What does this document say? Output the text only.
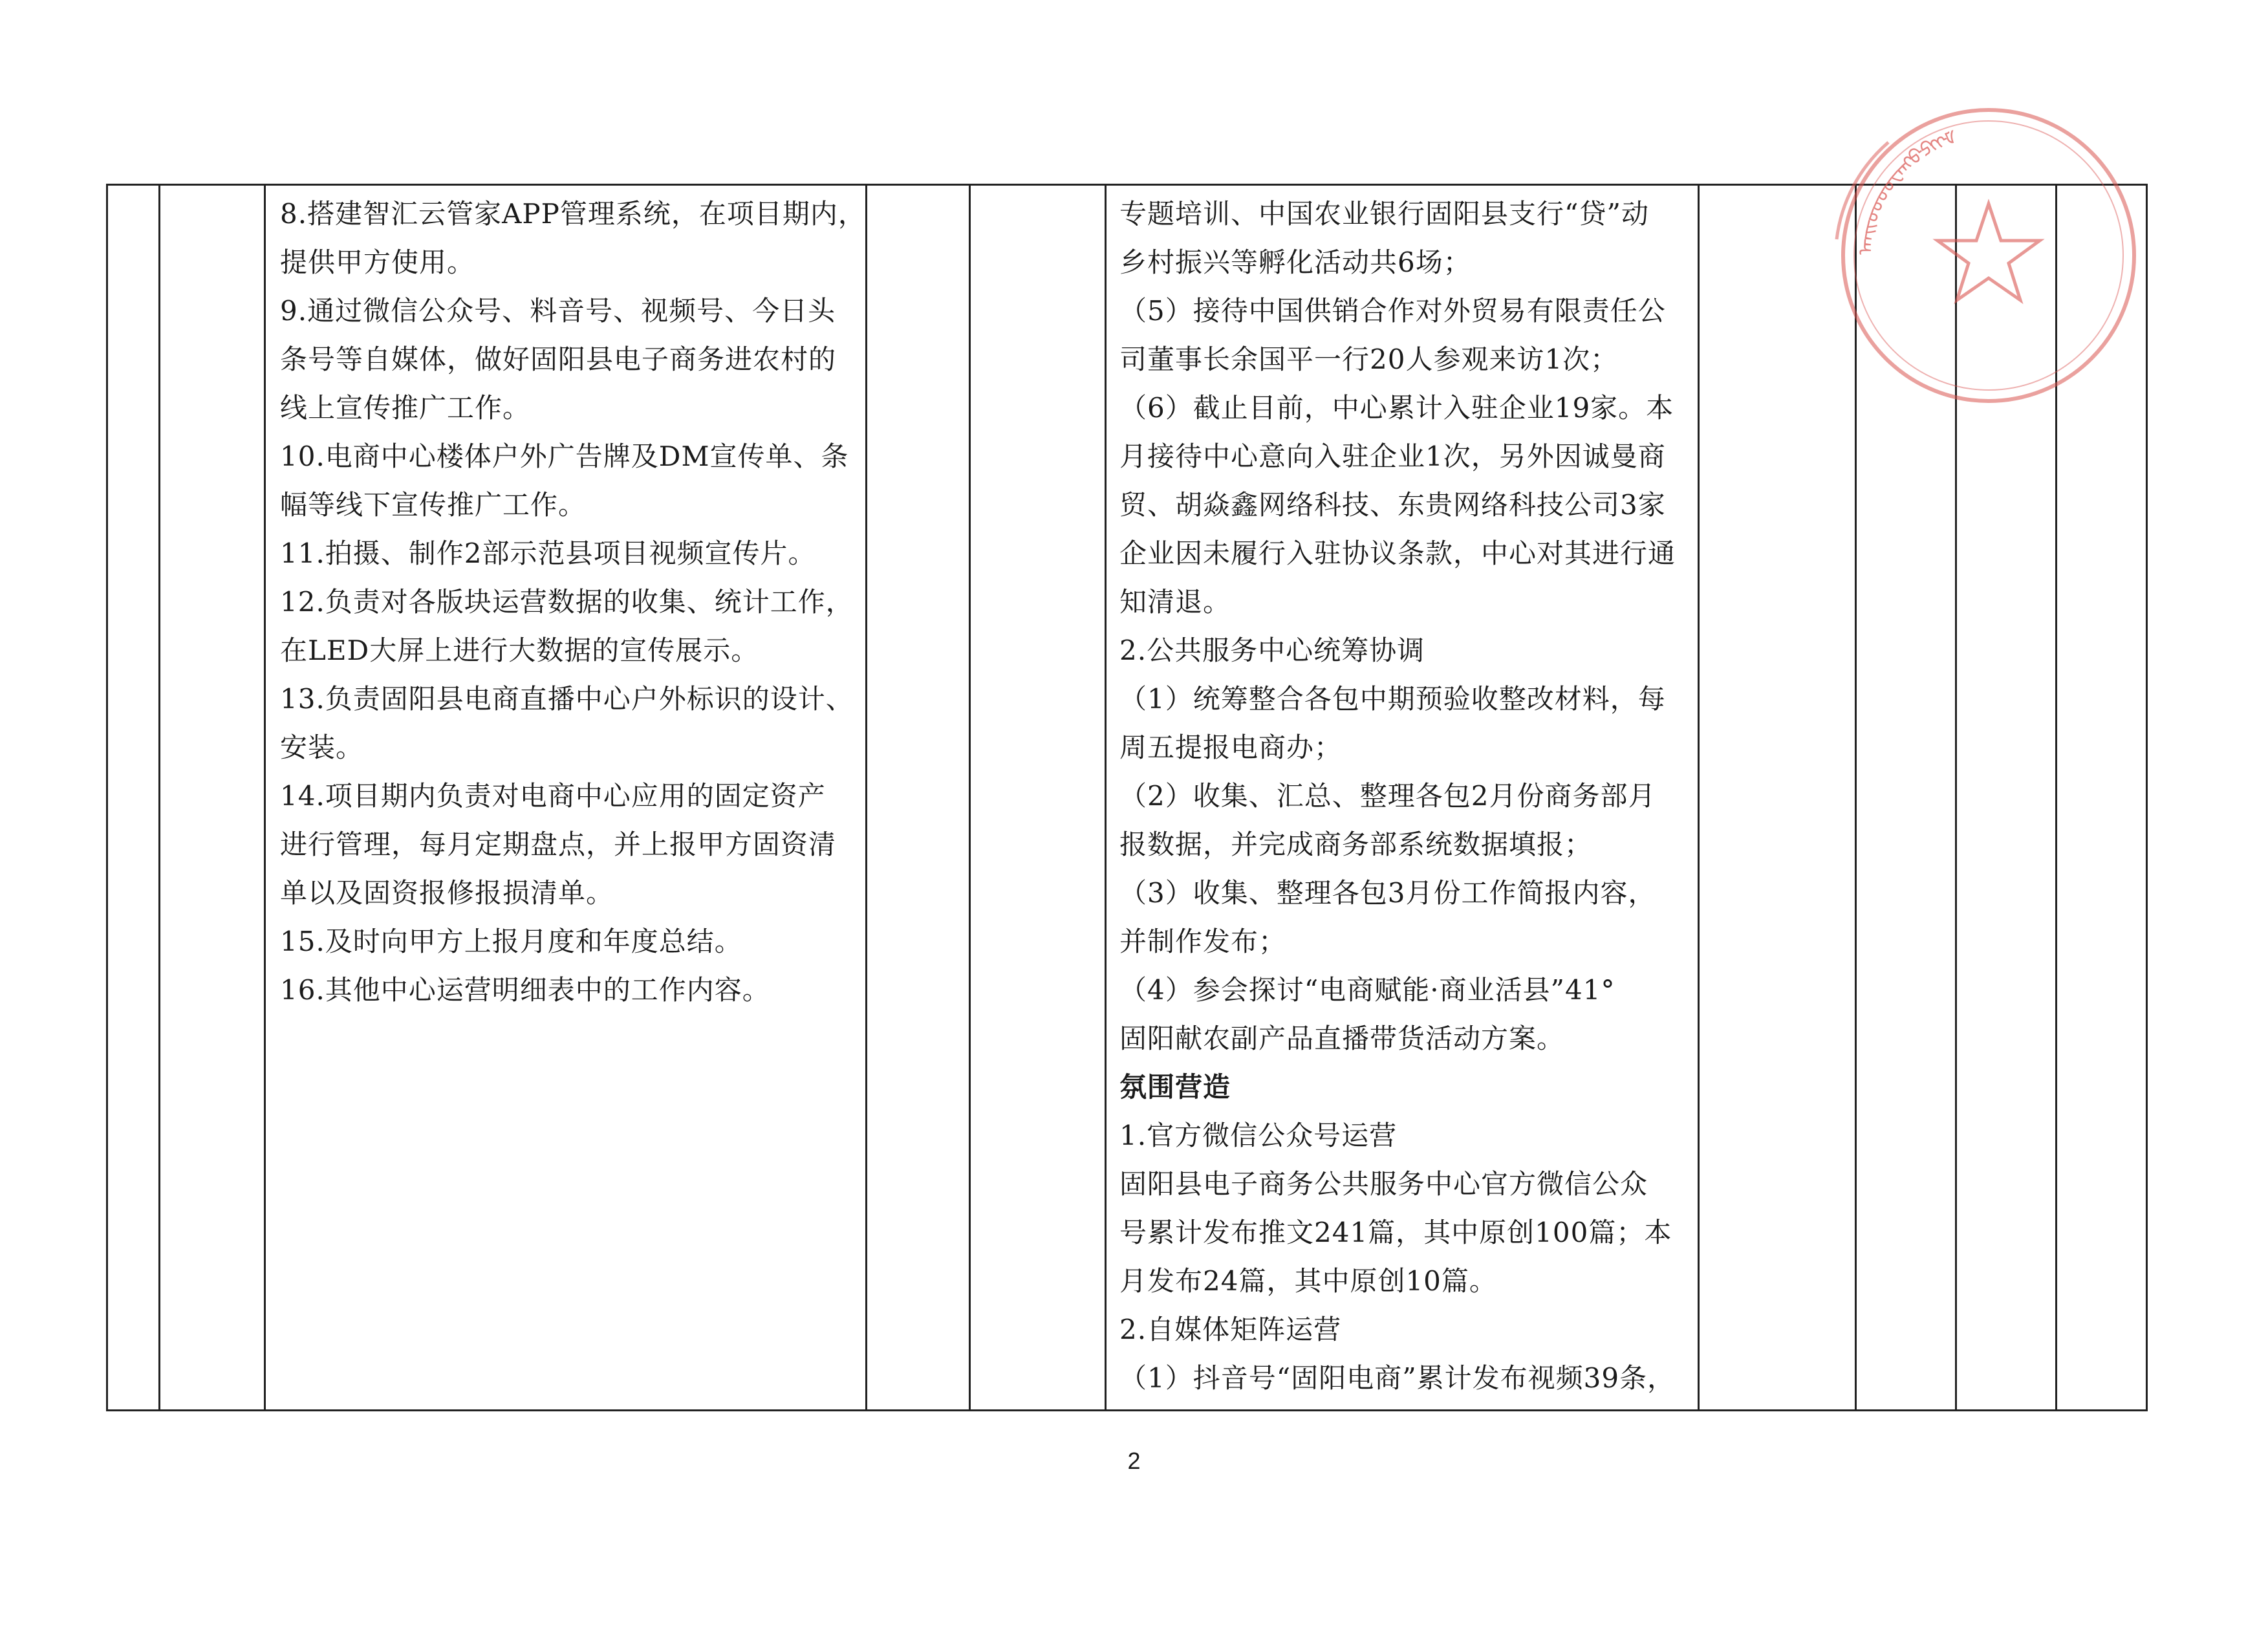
8.搭建智汇云管家APP管理系统，在项目期内，
提供甲方使用。
9.通过微信公众号、料音号、视频号、今日头
条号等自媒体，做好固阳县电子商务进农村的
线上宣传推广工作。
10.电商中心楼体户外广告牌及DM宣传单、条
幅等线下宣传推广工作。
11.拍摄、制作2部示范县项目视频宣传片。
12.负责对各版块运营数据的收集、统计工作，
在LED大屏上进行大数据的宣传展示。
13.负责固阳县电商直播中心户外标识的设计、
安装。
14.项目期内负责对电商中心应用的固定资产
进行管理，每月定期盘点，并上报甲方固资清
单以及固资报修报损清单。
15.及时向甲方上报月度和年度总结。
16.其他中心运营明细表中的工作内容。

专题培训、中国农业银行固阳县支行“贷”动
乡村振兴等孵化活动共6场；
（5）接待中国供销合作对外贸易有限责任公
司董事长余国平一行20人参观来访1次；
（6）截止目前，中心累计入驻企业19家。本
月接待中心意向入驻企业1次，另外因诚曼商
贸、胡焱鑫网络科技、东贵网络科技公司3家
企业因未履行入驻协议条款，中心对其进行通
知清退。
2.公共服务中心统筹协调
（1）统筹整合各包中期预验收整改材料，每
周五提报电商办；
（2）收集、汇总、整理各包2月份商务部月
报数据，并完成商务部系统数据填报；
（3）收集、整理各包3月份工作简报内容，
并制作发布；
（4）参会探讨“电商赋能·商业活县”41°
固阳献农副产品直播带货活动方案。
氛围营造
1.官方微信公众号运营
固阳县电子商务公共服务中心官方微信公众
号累计发布推文241篇，其中原创100篇；本
月发布24篇，其中原创10篇。
2.自媒体矩阵运营
（1）抖音号“固阳电商”累计发布视频39条，

2
ᠠᠡᠢᠣᠤᠥᠦᠧᠨᠩᠪᠫᠬᠭᠮ
